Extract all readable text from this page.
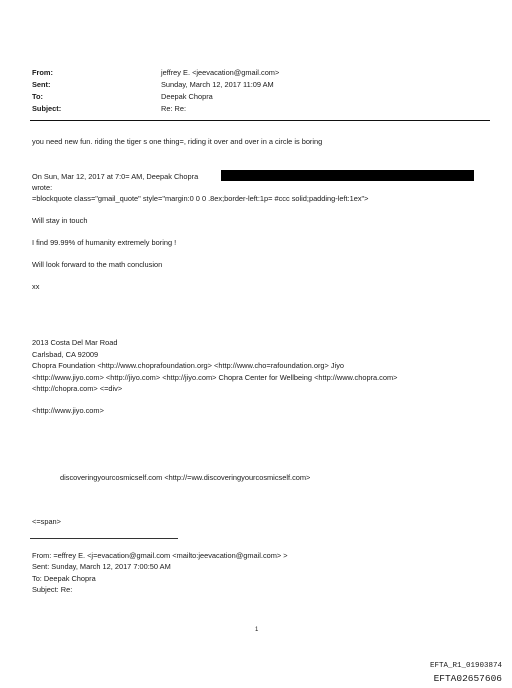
From:	jeffrey E. <jeevacation@gmail.com>
Sent:	Sunday, March 12, 2017 11:09 AM
To:	Deepak Chopra
Subject:	Re: Re:
you need new fun. riding the tiger s one thing=, riding it over and over in a circle is boring
On Sun, Mar 12, 2017 at 7:0= AM, Deepak Chopra
wrote:
=blockquote class="gmail_quote" style="margin:0 0 0 .8ex;border-left:1p= #ccc solid;padding-left:1ex">
Will stay in touch
I find 99.99% of humanity extremely boring !
Will look forward to the math conclusion
xx
2013 Costa Del Mar Road
Carlsbad, CA 92009
Chopra Foundation <http://www.choprafoundation.org> <http://www.cho=rafoundation.org> Jiyo
<http://www.jiyo.com> <http://jiyo.com> <http://jiyo.com> Chopra Center for Wellbeing <http://www.chopra.com>
<http://chopra.com> <=div>
<http://www.jiyo.com>
discoveringyourcosmicself.com <http://=ww.discoveringyourcosmicself.com>
<=span>
From: =effrey E. <j=evacation@gmail.com <mailto:jeevacation@gmail.com> >
Sent: Sunday, March 12, 2017 7:00:50 AM
To: Deepak Chopra
Subject: Re:
1
EFTA_R1_01903874
EFTA02657606
